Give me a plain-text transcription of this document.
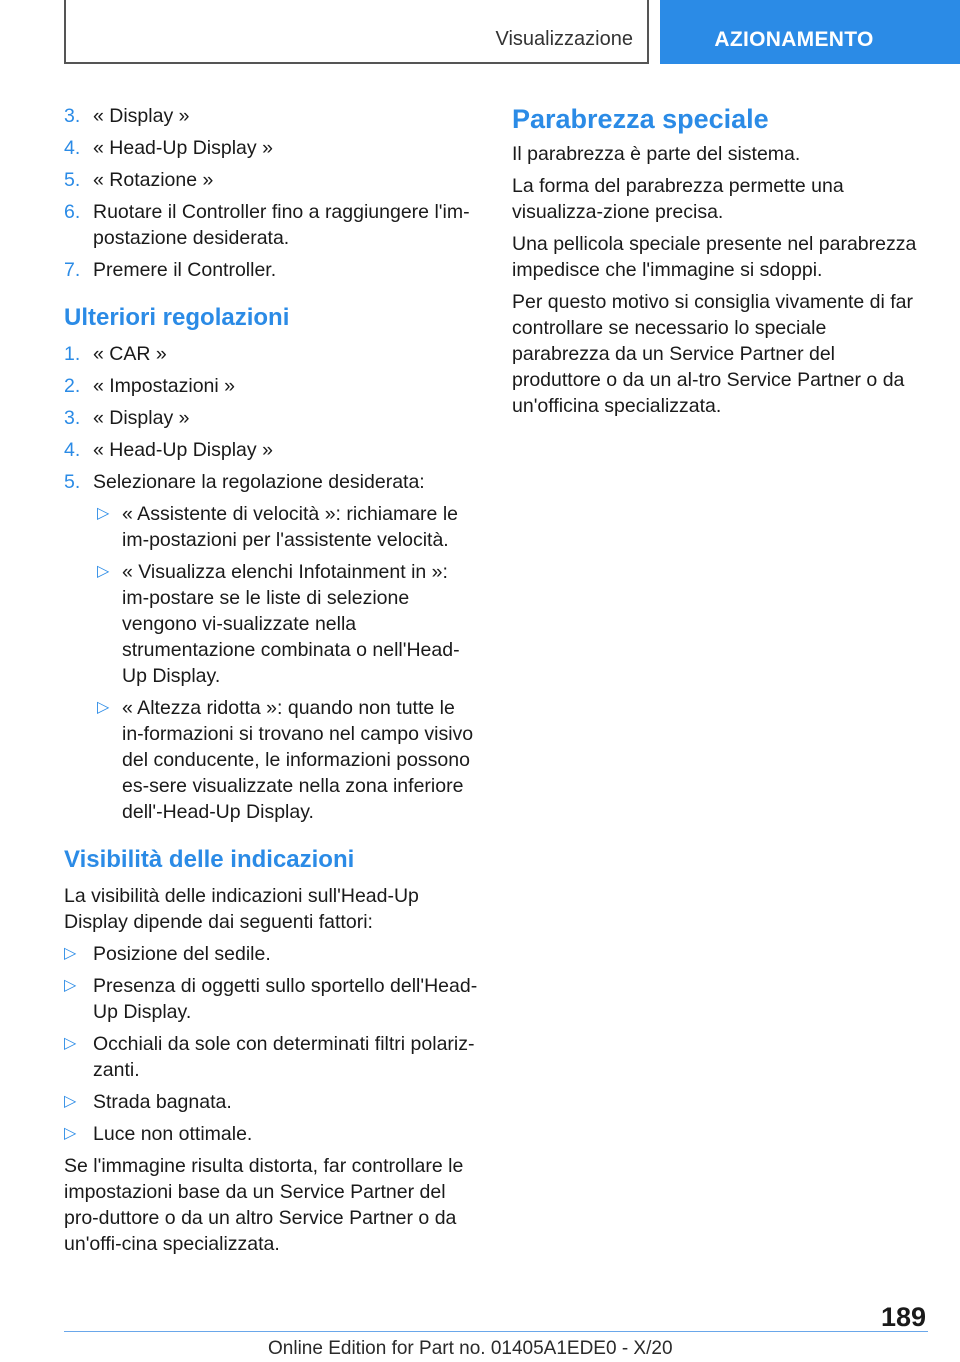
Visualizzazione	AZIONAMENTO
3. « Display »
4. « Head-Up Display »
5. « Rotazione »
6. Ruotare il Controller fino a raggiungere l'im-postazione desiderata.
7. Premere il Controller.
Ulteriori regolazioni
1. « CAR »
2. « Impostazioni »
3. « Display »
4. « Head-Up Display »
5. Selezionare la regolazione desiderata:
▷ « Assistente di velocità »: richiamare le im-postazioni per l'assistente velocità.
▷ « Visualizza elenchi Infotainment in »: im-postare se le liste di selezione vengono vi-sualizzate nella strumentazione combinata o nell'Head-Up Display.
▷ « Altezza ridotta »: quando non tutte le in-formazioni si trovano nel campo visivo del conducente, le informazioni possono es-sere visualizzate nella zona inferiore dell'-Head-Up Display.
Visibilità delle indicazioni

La visibilità delle indicazioni sull'Head-Up Display dipende dai seguenti fattori:

▷ Posizione del sedile.
▷ Presenza di oggetti sullo sportello dell'Head-Up Display.
▷ Occhiali da sole con determinati filtri polariz-zanti.
▷ Strada bagnata.
▷ Luce non ottimale.

Se l'immagine risulta distorta, far controllare le impostazioni base da un Service Partner del pro-duttore o da un altro Service Partner o da un'offi-cina specializzata.

Parabrezza speciale

Il parabrezza è parte del sistema.

La forma del parabrezza permette una visualizza-zione precisa.

Una pellicola speciale presente nel parabrezza impedisce che l'immagine si sdoppi.

Per questo motivo si consiglia vivamente di far controllare se necessario lo speciale parabrezza da un Service Partner del produttore o da un al-tro Service Partner o da un'officina specializzata.

189
Online Edition for Part no. 01405A1EDE0 - X/20
